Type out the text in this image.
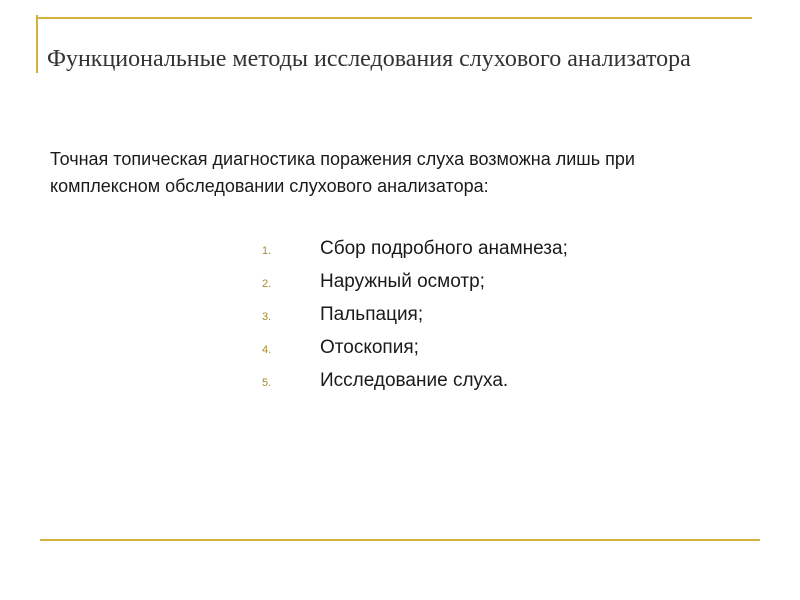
Функциональные методы исследования слухового анализатора

Точная топическая диагностика поражения слуха возможна лишь при комплексном обследовании слухового анализатора:

1.	Сбор подробного анамнеза;
2.	Наружный осмотр;
3.	Пальпация;
4.	Отоскопия;
5.	Исследование слуха.
